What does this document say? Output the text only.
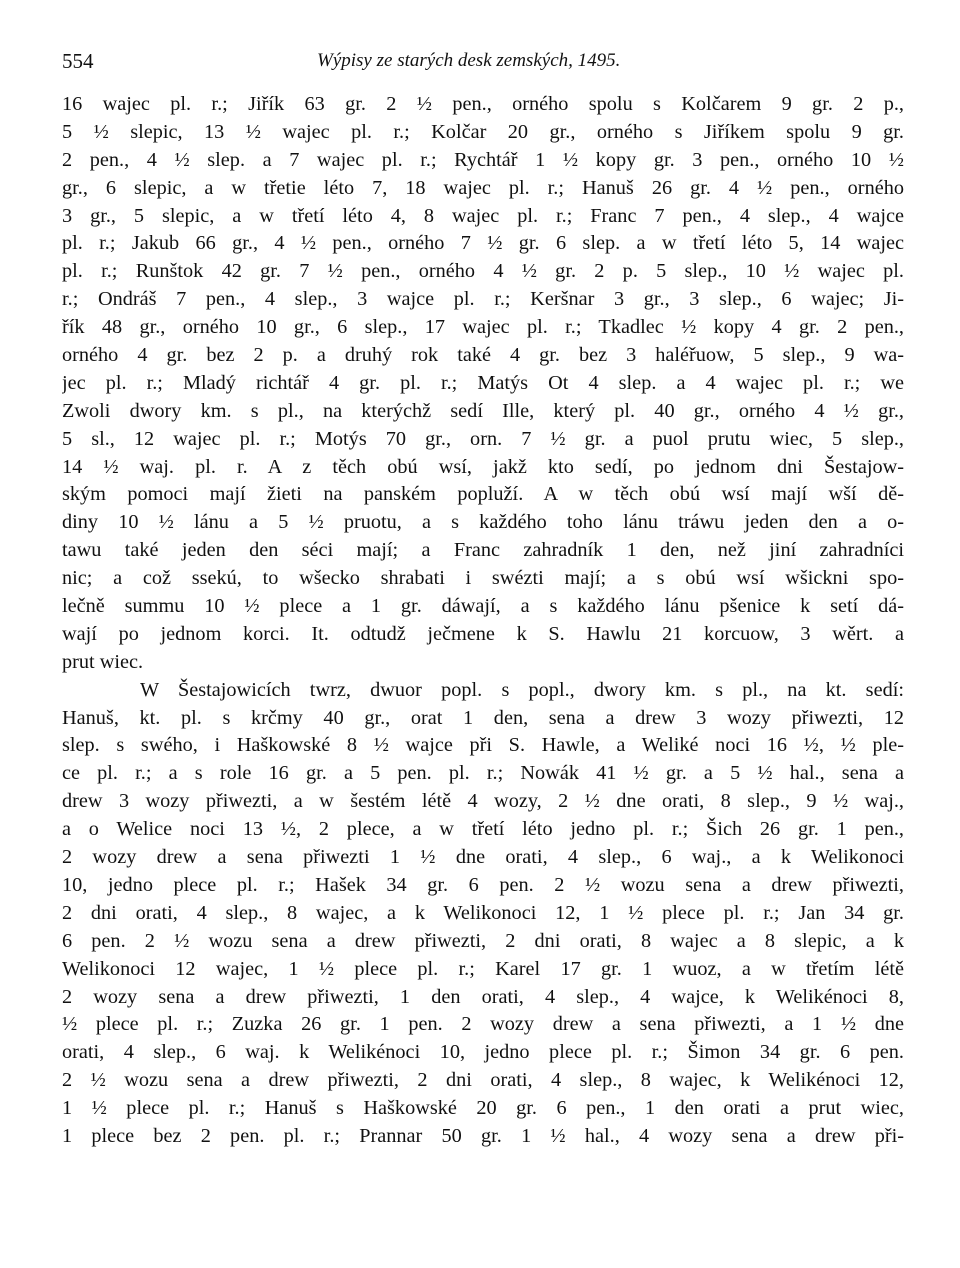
554	Wýpisy ze starých desk zemských, 1495.
16 wajec pl. r.; Jiřík 63 gr. 2 ½ pen., orného spolu s Kolčarem 9 gr. 2 p.,
5 ½ slepic, 13 ½ wajec pl. r.; Kolčar 20 gr., orného s Jiříkem spolu 9 gr.
2 pen., 4 ½ slep. a 7 wajec pl. r.; Rychtář 1 ½ kopy gr. 3 pen., orného 10 ½
gr., 6 slepic, a w třetie léto 7, 18 wajec pl. r.; Hanuš 26 gr. 4 ½ pen., orného
3 gr., 5 slepic, a w třetí léto 4, 8 wajec pl. r.; Franc 7 pen., 4 slep., 4 wajce
pl. r.; Jakub 66 gr., 4 ½ pen., orného 7 ½ gr. 6 slep. a w třetí léto 5, 14 wajec
pl. r.; Runštok 42 gr. 7 ½ pen., orného 4 ½ gr. 2 p. 5 slep., 10 ½ wajec pl.
r.; Ondráš 7 pen., 4 slep., 3 wajce pl. r.; Keršnar 3 gr., 3 slep., 6 wajec; Ji-
řík 48 gr., orného 10 gr., 6 slep., 17 wajec pl. r.; Tkadlec ½ kopy 4 gr. 2 pen.,
orného 4 gr. bez 2 p. a druhý rok také 4 gr. bez 3 haléřuow, 5 slep., 9 wa-
jec pl. r.; Mladý richtář 4 gr. pl. r.; Matýs Ot 4 slep. a 4 wajec pl. r.; we
Zwoli dwory km. s pl., na kterýchž sedí Ille, který pl. 40 gr., orného 4 ½ gr.,
5 sl., 12 wajec pl. r.; Motýs 70 gr., orn. 7 ½ gr. a puol prutu wiec, 5 slep.,
14 ½ waj. pl. r. A z těch obú wsí, jakž kto sedí, po jednom dni Šestajow-
ským pomoci mají žieti na panském popluží. A w těch obú wsí mají wší dě-
diny 10 ½ lánu a 5 ½ pruotu, a s každého toho lánu tráwu jeden den a o-
tawu také jeden den séci mají; a Franc zahradník 1 den, než jiní zahradníci
nic; a což ssekú, to wšecko shrabati i swézti mají; a s obú wsí wšickni spo-
lečně summu 10 ½ plece a 1 gr. dáwají, a s každého lánu pšenice k setí dá-
wají po jednom korci. It. odtudž ječmene k S. Hawlu 21 korcuow, 3 wěrt. a
prut wiec.
W Šestajowicích twrz, dwuor popl. s popl., dwory km. s pl., na kt. sedí:
Hanuš, kt. pl. s krčmy 40 gr., orat 1 den, sena a drew 3 wozy přiwezti, 12
slep. s swého, i Haškowské 8 ½ wajce při S. Hawle, a Weliké noci 16 ½, ½ ple-
ce pl. r.; a s role 16 gr. a 5 pen. pl. r.; Nowák 41 ½ gr. a 5 ½ hal., sena a
drew 3 wozy přiwezti, a w šestém létě 4 wozy, 2 ½ dne orati, 8 slep., 9 ½ waj.,
a o Welice noci 13 ½, 2 plece, a w třetí léto jedno pl. r.; Šich 26 gr. 1 pen.,
2 wozy drew a sena přiwezti 1 ½ dne orati, 4 slep., 6 waj., a k Welikonoci
10, jedno plece pl. r.; Hašek 34 gr. 6 pen. 2 ½ wozu sena a drew přiwezti,
2 dni orati, 4 slep., 8 wajec, a k Welikonoci 12, 1 ½ plece pl. r.; Jan 34 gr.
6 pen. 2 ½ wozu sena a drew přiwezti, 2 dni orati, 8 wajec a 8 slepic, a k
Welikonoci 12 wajec, 1 ½ plece pl. r.; Karel 17 gr. 1 wuoz, a w třetím létě
2 wozy sena a drew přiwezti, 1 den orati, 4 slep., 4 wajce, k Welikénoci 8,
½ plece pl. r.; Zuzka 26 gr. 1 pen. 2 wozy drew a sena přiwezti, a 1 ½ dne
orati, 4 slep., 6 waj. k Welikénoci 10, jedno plece pl. r.; Šimon 34 gr. 6 pen.
2 ½ wozu sena a drew přiwezti, 2 dni orati, 4 slep., 8 wajec, k Welikénoci 12,
1 ½ plece pl. r.; Hanuš s Haškowské 20 gr. 6 pen., 1 den orati a prut wiec,
1 plece bez 2 pen. pl. r.; Prannar 50 gr. 1 ½ hal., 4 wozy sena a drew při-
